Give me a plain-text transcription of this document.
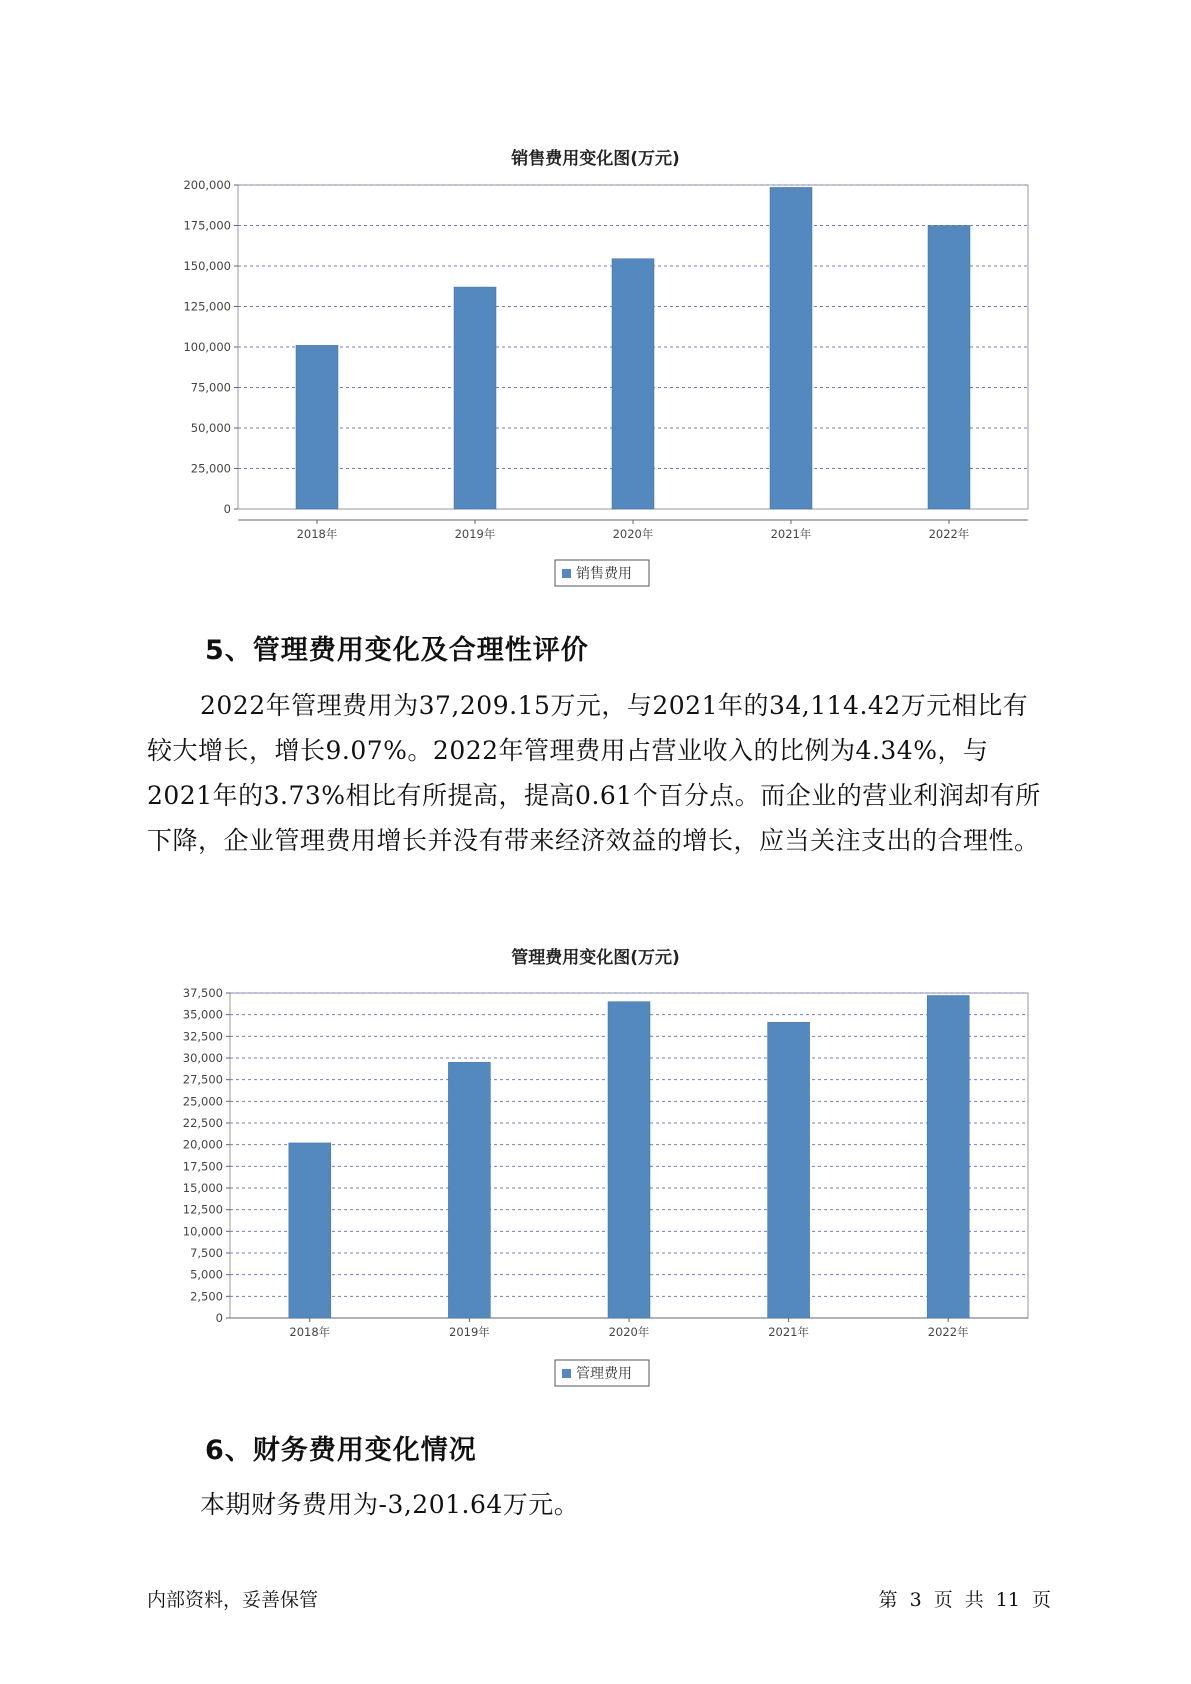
销售费用变化图(万元)
0
25,000
50,000
75,000
100,000
125,000
150,000
175,000
200,000
2018年	2019年	2020年	2021年	2022年
销售费用
5、管理费用变化及合理性评价

2022年管理费用为37,209.15万元，与2021年的34,114.42万元相比有较大增长，增长9.07%。2022年管理费用占营业收入的比例为4.34%，与2021年的3.73%相比有所提高，提高0.61个百分点。而企业的营业利润却有所下降，企业管理费用增长并没有带来经济效益的增长，应当关注支出的合理性。

管理费用变化图(万元)
0
2,500
5,000
7,500
10,000
12,500
15,000
17,500
20,000
22,500
25,000
27,500
30,000
32,500
35,000
37,500
2018年	2019年	2020年	2021年	2022年
管理费用
6、财务费用变化情况

本期财务费用为-3,201.64万元。

内部资料，妥善保管	第 3 页 共 11 页
